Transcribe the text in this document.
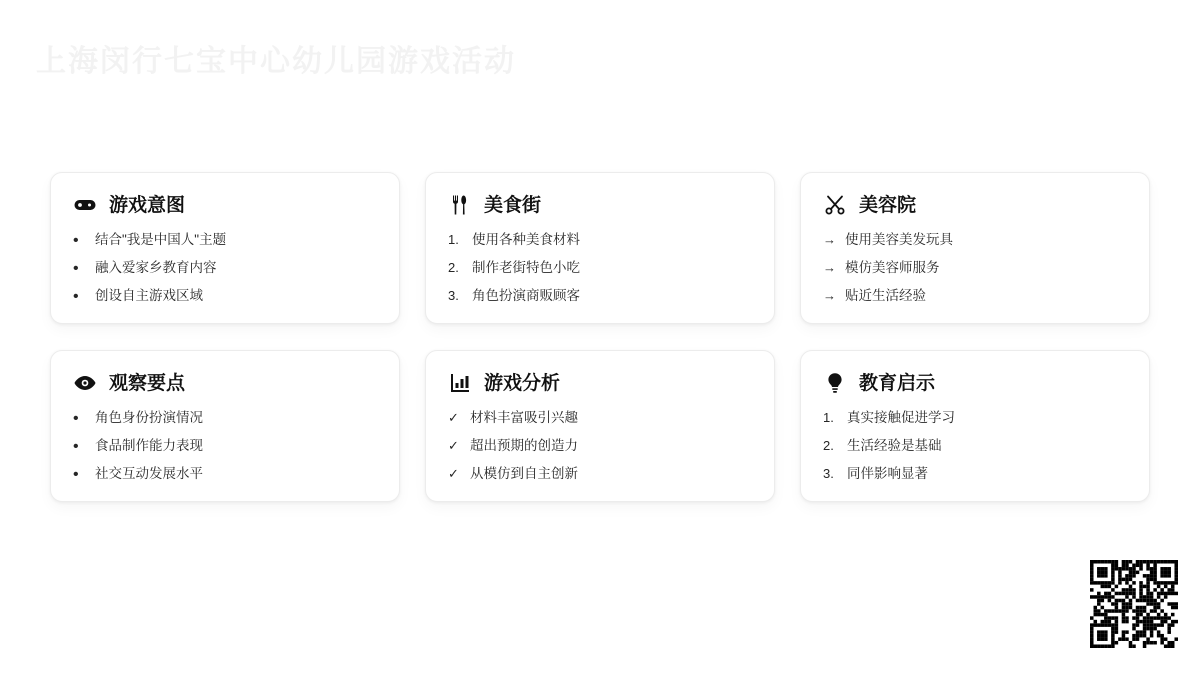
上海闵行七宝中心幼儿园游戏活动
游戏意图
•	结合"我是中国人"主题
•	融入爱家乡教育内容
•	创设自主游戏区域
美食街
1. 使用各种美食材料
2. 制作老街特色小吃
3. 角色扮演商贩顾客
美容院
→ 使用美容美发玩具
→ 模仿美容师服务
→ 贴近生活经验
观察要点
•	角色身份扮演情况
•	食品制作能力表现
•	社交互动发展水平
游戏分析
✓ 材料丰富吸引兴趣
✓ 超出预期的创造力
✓ 从模仿到自主创新
教育启示
1. 真实接触促进学习
2. 生活经验是基础
3. 同伴影响显著
